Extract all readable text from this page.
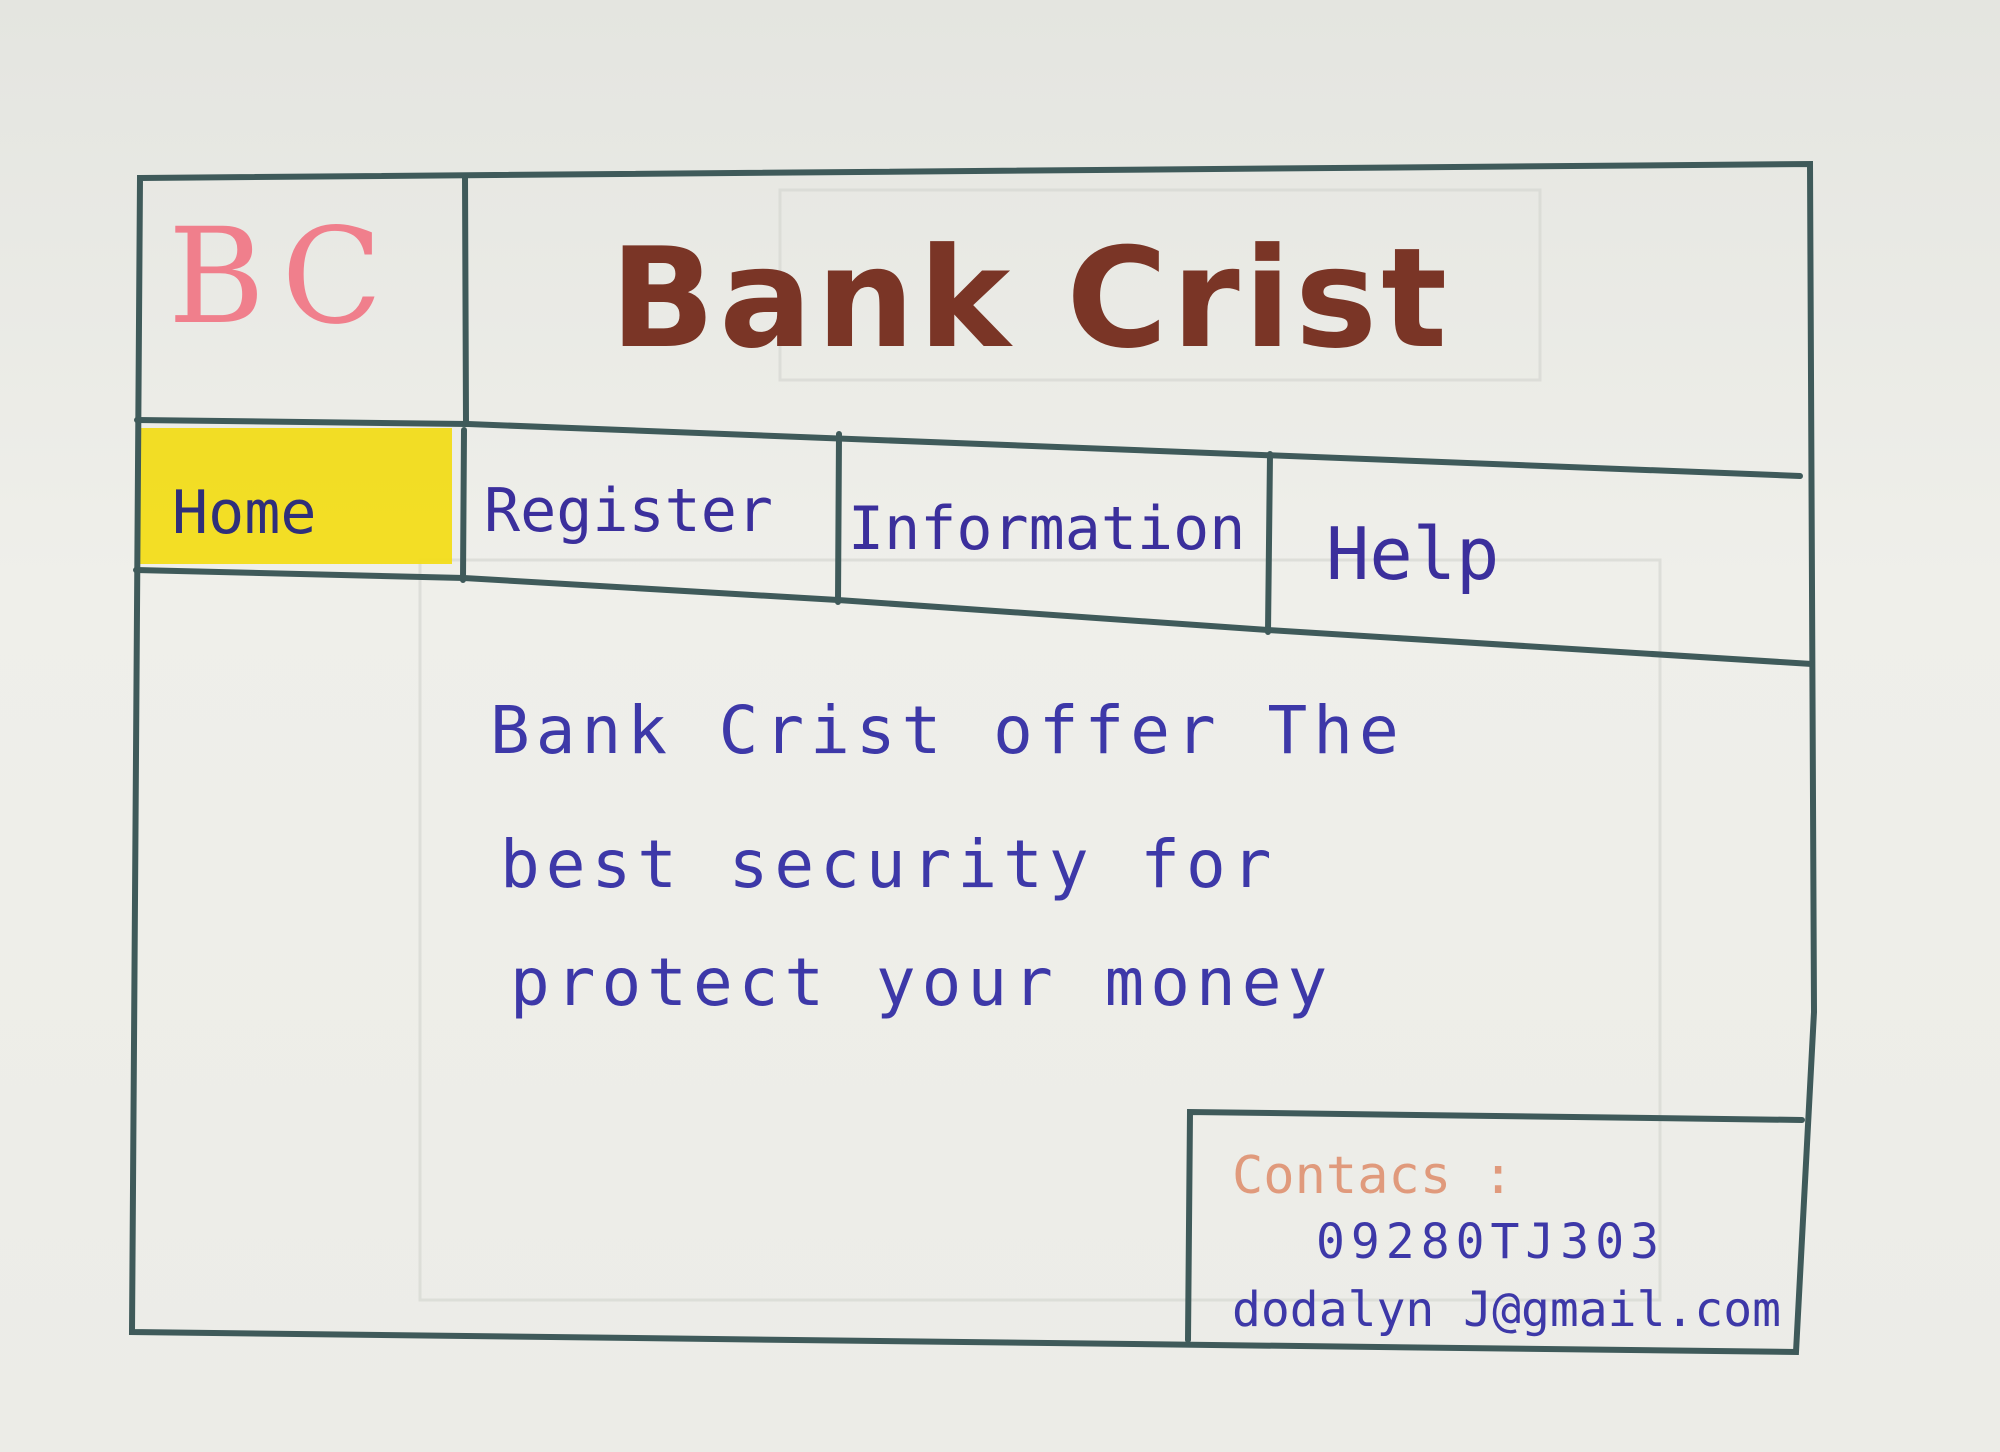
BC Bank Crist
Home	Register Information Help
Bank Crist offer The
best security for
protect your money
Contacs :
09280TJ303
dodalyn J@gmail.com
